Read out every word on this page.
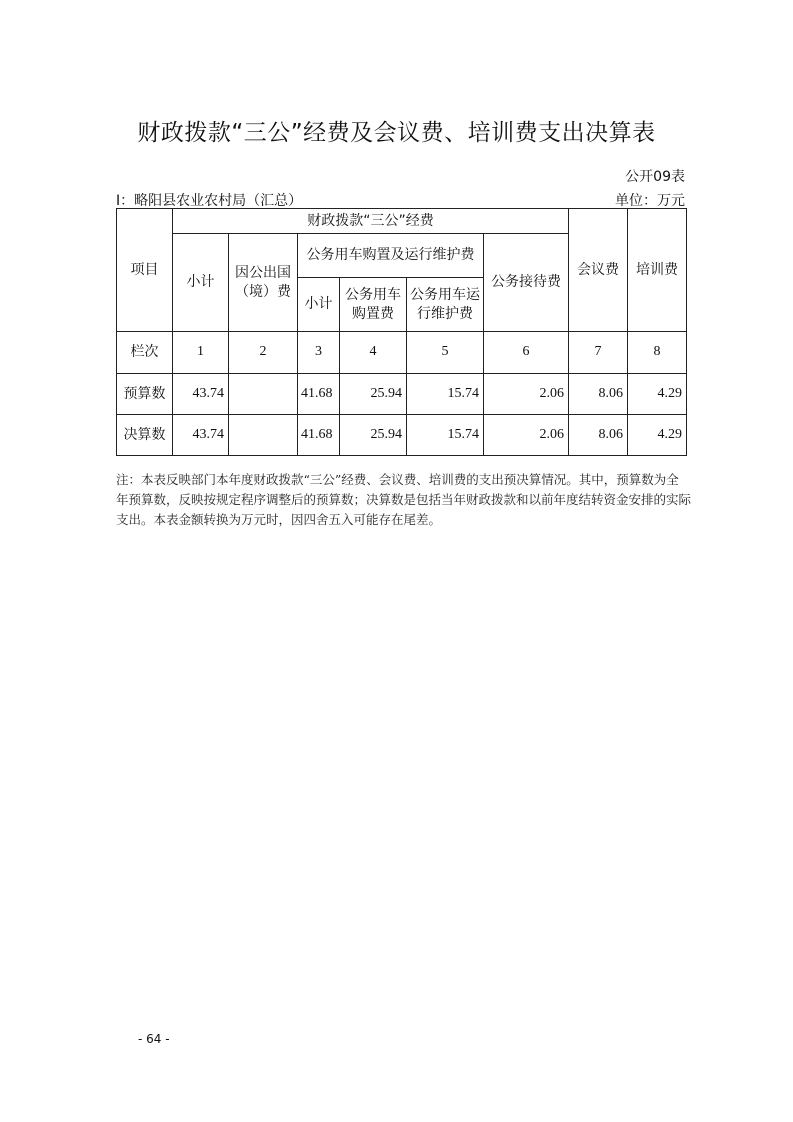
财政拨款“三公”经费及会议费、培训费支出决算表
公开09表
I：略阳县农业农村局（汇总）	单位：万元
项目	财政拨款“三公”经费						会议费	培训费
	小计	因公出国（境）费	公务用车购置及运行维护费			公务接待费		
			小计	公务用车购置费	公务用车运行维护费			
栏次	1	2	3	4	5	6	7	8
预算数	43.74		41.68	25.94	15.74	2.06	8.06	4.29
决算数	43.74		41.68	25.94	15.74	2.06	8.06	4.29
注：本表反映部门本年度财政拨款“三公”经费、会议费、培训费的支出预决算情况。其中，预算数为全年预算数，反映按规定程序调整后的预算数；决算数是包括当年财政拨款和以前年度结转资金安排的实际支出。本表金额转换为万元时，因四舍五入可能存在尾差。
- 64 -
